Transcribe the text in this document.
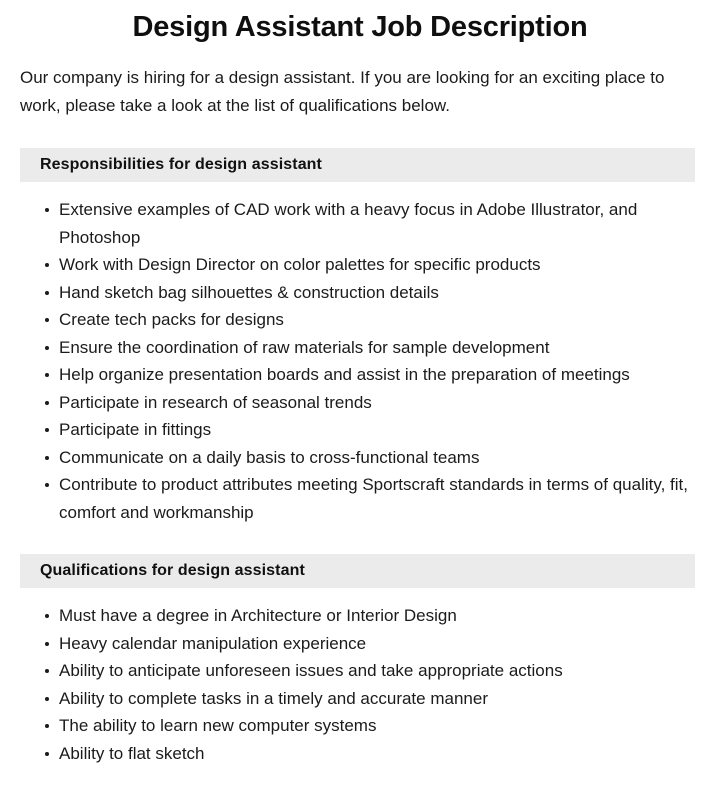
Design Assistant Job Description

Our company is hiring for a design assistant. If you are looking for an exciting place to work, please take a look at the list of qualifications below.

Responsibilities for design assistant
Extensive examples of CAD work with a heavy focus in Adobe Illustrator, and Photoshop
Work with Design Director on color palettes for specific products
Hand sketch bag silhouettes & construction details
Create tech packs for designs
Ensure the coordination of raw materials for sample development
Help organize presentation boards and assist in the preparation of meetings
Participate in research of seasonal trends
Participate in fittings
Communicate on a daily basis to cross-functional teams
Contribute to product attributes meeting Sportscraft standards in terms of quality, fit, comfort and workmanship
Qualifications for design assistant
Must have a degree in Architecture or Interior Design
Heavy calendar manipulation experience
Ability to anticipate unforeseen issues and take appropriate actions
Ability to complete tasks in a timely and accurate manner
The ability to learn new computer systems
Ability to flat sketch
